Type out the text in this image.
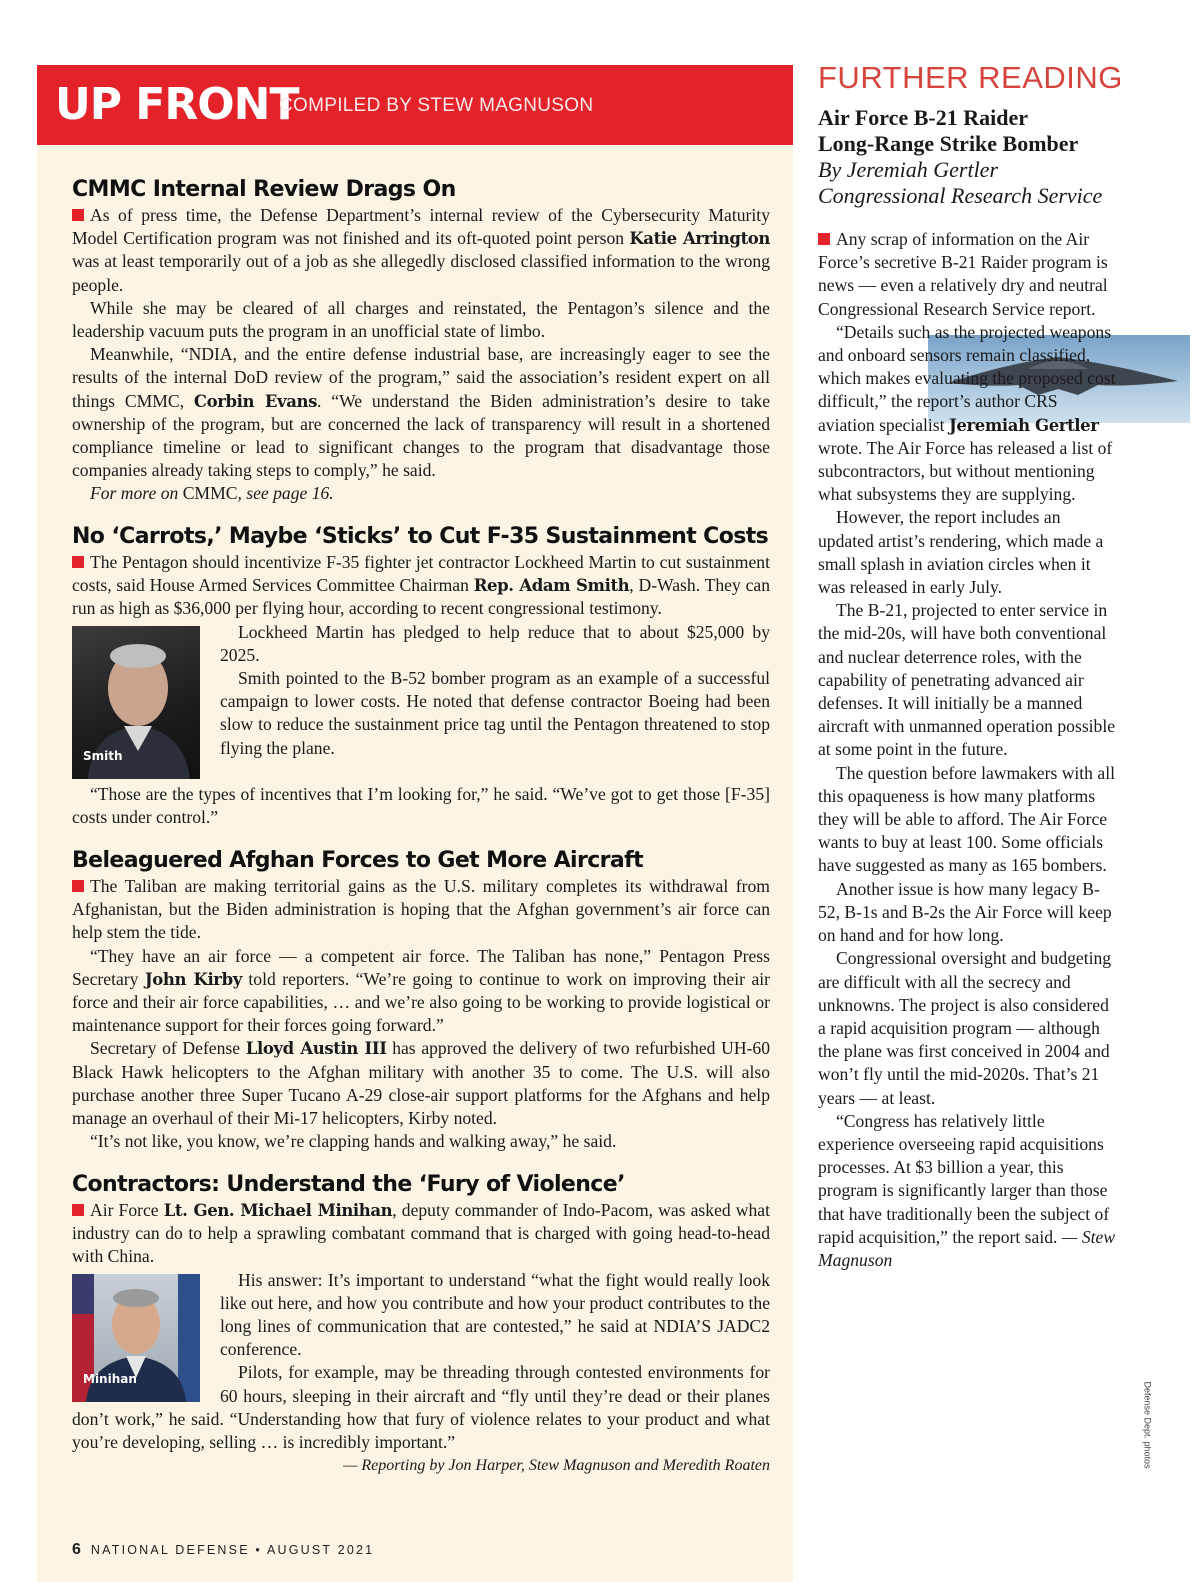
UP FRONT
COMPILED BY STEW MAGNUSON
CMMC Internal Review Drags On

As of press time, the Defense Department’s internal review of the Cybersecurity Maturity Model Certification program was not finished and its oft-quoted point person Katie Arrington was at least temporarily out of a job as she allegedly disclosed classified information to the wrong people.

While she may be cleared of all charges and reinstated, the Pentagon’s silence and the leadership vacuum puts the program in an unofficial state of limbo.

Meanwhile, “NDIA, and the entire defense industrial base, are increasingly eager to see the results of the internal DoD review of the program,” said the association’s resident expert on all things CMMC, Corbin Evans. “We understand the Biden administration’s desire to take ownership of the program, but are concerned the lack of transparency will result in a shortened compliance timeline or lead to significant changes to the program that disadvantage those companies already taking steps to comply,” he said.

For more on CMMC, see page 16.

No ‘Carrots,’ Maybe ‘Sticks’ to Cut F-35 Sustainment Costs

The Pentagon should incentivize F-35 fighter jet contractor Lockheed Martin to cut sustainment costs, said House Armed Services Committee Chairman Rep. Adam Smith, D-Wash. They can run as high as $36,000 per flying hour, according to recent congressional testimony.

Smith

Lockheed Martin has pledged to help reduce that to about $25,000 by 2025.

Smith pointed to the B-52 bomber program as an example of a successful campaign to lower costs. He noted that defense contractor Boeing had been slow to reduce the sustainment price tag until the Pentagon threatened to stop flying the plane.

“Those are the types of incentives that I’m looking for,” he said. “We’ve got to get those [F-35] costs under control.”

Beleaguered Afghan Forces to Get More Aircraft

The Taliban are making territorial gains as the U.S. military completes its withdrawal from Afghanistan, but the Biden administration is hoping that the Afghan government’s air force can help stem the tide.

“They have an air force — a competent air force. The Taliban has none,” Pentagon Press Secretary John Kirby told reporters. “We’re going to continue to work on improving their air force and their air force capabilities, … and we’re also going to be working to provide logistical or maintenance support for their forces going forward.”

Secretary of Defense Lloyd Austin III has approved the delivery of two refurbished UH-60 Black Hawk helicopters to the Afghan military with another 35 to come. The U.S. will also purchase another three Super Tucano A-29 close-air support platforms for the Afghans and help manage an overhaul of their Mi-17 helicopters, Kirby noted.

“It’s not like, you know, we’re clapping hands and walking away,” he said.

Contractors: Understand the ‘Fury of Violence’

Air Force Lt. Gen. Michael Minihan, deputy commander of Indo-Pacom, was asked what industry can do to help a sprawling combatant command that is charged with going head-to-head with China.

Minihan

His answer: It’s important to understand “what the fight would really look like out here, and how you contribute and how your product contributes to the long lines of communication that are contested,” he said at NDIA’S JADC2 conference.

Pilots, for example, may be threading through contested environments for 60 hours, sleeping in their aircraft and “fly until they’re dead or their planes don’t work,” he said. “Understanding how that fury of violence relates to your product and what you’re developing, selling … is incredibly important.”

— Reporting by Jon Harper, Stew Magnuson and Meredith Roaten

6 NATIONAL DEFENSE • AUGUST 2021
FURTHER READING
Air Force B-21 Raider
Long-Range Strike Bomber
By Jeremiah Gertler
Congressional Research Service

Any scrap of information on the Air Force’s secretive B-21 Raider program is news — even a relatively dry and neutral Congressional Research Service report.

“Details such as the projected weapons and onboard sensors remain classified, which makes evaluating the proposed cost difficult,” the report’s author CRS aviation specialist Jeremiah Gertler wrote. The Air Force has released a list of subcontractors, but without mentioning what subsystems they are supplying.

However, the report includes an updated artist’s rendering, which made a small splash in aviation circles when it was released in early July.

The B-21, projected to enter service in the mid-20s, will have both conventional and nuclear deterrence roles, with the capability of penetrating advanced air defenses. It will initially be a manned aircraft with unmanned operation possible at some point in the future.

The question before lawmakers with all this opaqueness is how many platforms they will be able to afford. The Air Force wants to buy at least 100. Some officials have suggested as many as 165 bombers.

Another issue is how many legacy B-52, B-1s and B-2s the Air Force will keep on hand and for how long.

Congressional oversight and budgeting are difficult with all the secrecy and unknowns. The project is also considered a rapid acquisition program — although the plane was first conceived in 2004 and won’t fly until the mid-2020s. That’s 21 years — at least.

“Congress has relatively little experience overseeing rapid acquisitions processes. At $3 billion a year, this program is significantly larger than those that have traditionally been the subject of rapid acquisition,” the report said. — Stew Magnuson

Defense Dept. photos
